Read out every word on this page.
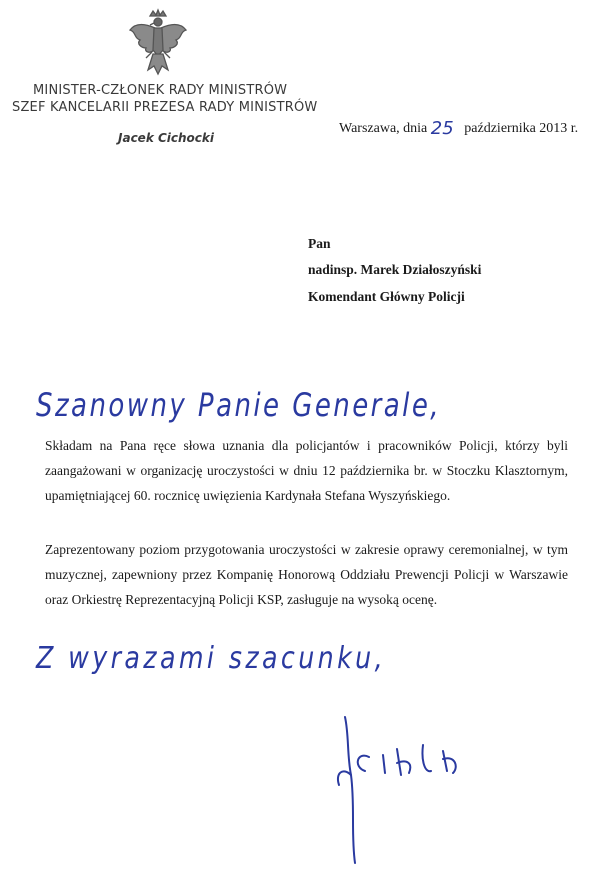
MINISTER-CZŁONEK RADY MINISTRÓW
SZEF KANCELARII PREZESA RADY MINISTRÓW
Jacek Cichocki
Warszawa, dnia 25 października 2013 r.
Pan
nadinsp. Marek Działoszyński
Komendant Główny Policji
Szanowny Panie Generale,
Składam na Pana ręce słowa uznania dla policjantów i pracowników Policji, którzy byli zaangażowani w organizację uroczystości w dniu 12 października br. w Stoczku Klasztornym, upamiętniającej 60. rocznicę uwięzienia Kardynała Stefana Wyszyńskiego.
Zaprezentowany poziom przygotowania uroczystości w zakresie oprawy ceremonialnej, w tym muzycznej, zapewniony przez Kompanię Honorową Oddziału Prewencji Policji w Warszawie oraz Orkiestrę Reprezentacyjną Policji KSP, zasługuje na wysoką ocenę.
Z wyrazami szacunku,
